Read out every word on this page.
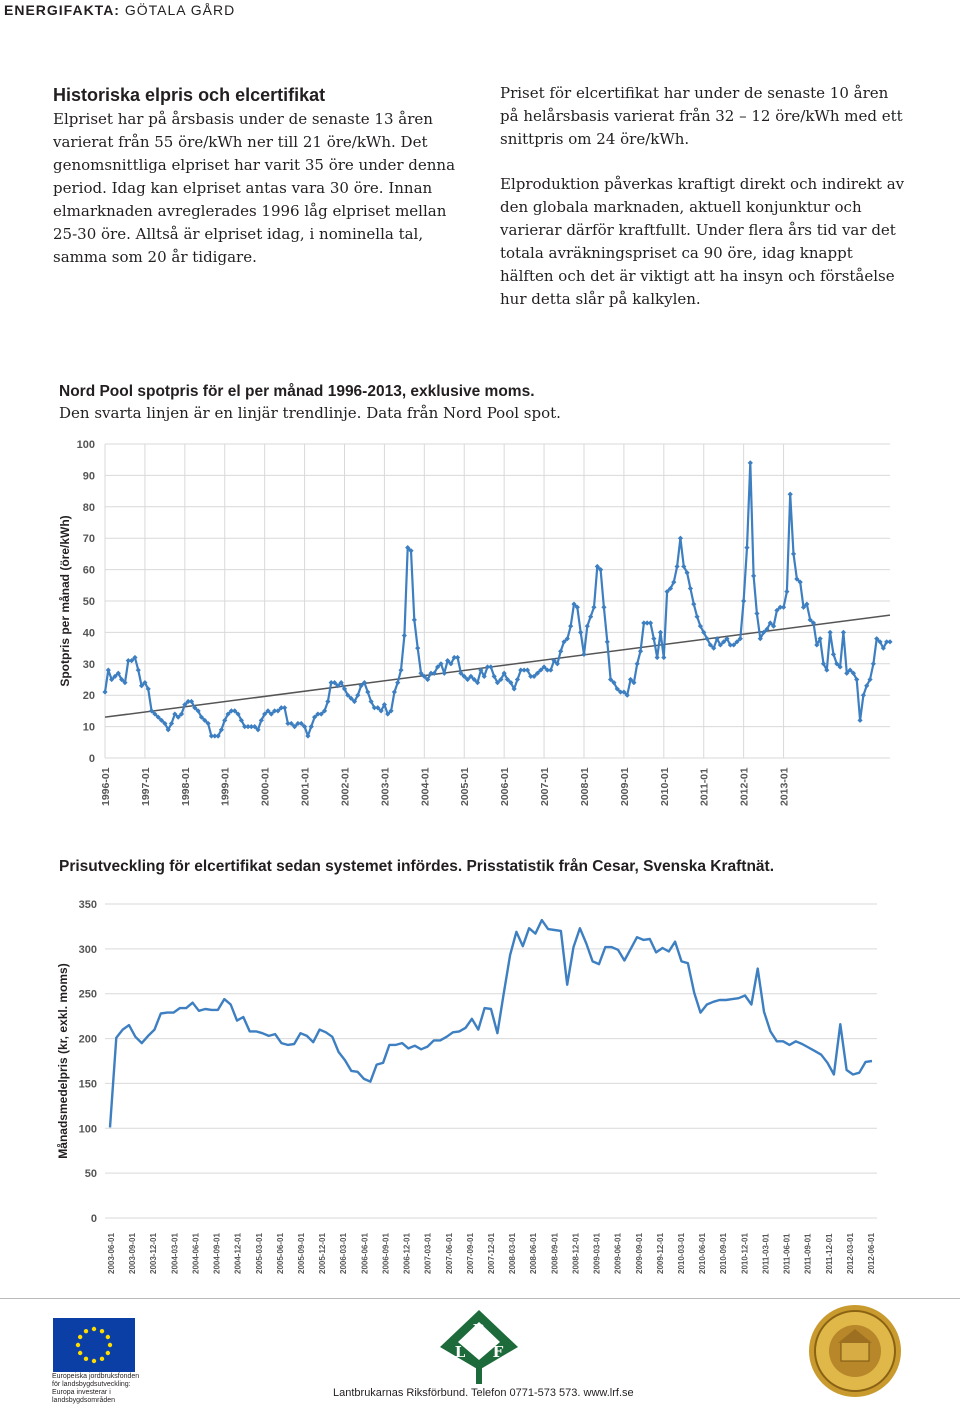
ENERGIFAKTA: GÖTALA GÅRD
Historiska elpris och elcertifikat

Elpriset har på årsbasis under de senaste 13 åren varierat från 55 öre/kWh ner till 21 öre/kWh. Det genomsnittliga elpriset har varit 35 öre under denna period. Idag kan elpriset antas vara 30 öre. Innan elmarknaden avreglerades 1996 låg elpriset mellan 25-30 öre. Alltså är elpriset idag, i nominella tal, samma som 20 år tidigare.

Priset för elcertifikat har under de senaste 10 åren på helårsbasis varierat från 32 – 12 öre/kWh med ett snittpris om 24 öre/kWh.

Elproduktion påverkas kraftigt direkt och indirekt av den globala marknaden, aktuell konjunktur och varierar därför kraftfullt. Under flera års tid var det totala avräkningspriset ca 90 öre, idag knappt hälften och det är viktigt att ha insyn och förståelse hur detta slår på kalkylen.

Nord Pool spotpris för el per månad 1996-2013, exklusive moms.
Den svarta linjen är en linjär trendlinje. Data från Nord Pool spot.
0
10
20
30
40
50
60
70
80
90
100
1996-01	1997-01	1998-01	1999-01	2000-01	2001-01	2002-01	2003-01	2004-01	2005-01	2006-01	2007-01	2008-01	2009-01	2010-01	2011-01	2012-01	2013-01
Spotpris per månad (öre/kWh)
Prisutveckling för elcertifikat sedan systemet infördes. Prisstatistik från Cesar, Svenska Kraftnät.
0
50
100
150
200
250
300
350
2003-06-01 2003-09-01 2003-12-01 2004-03-01 2004-06-01 2004-09-01 2004-12-01 2005-03-01 2005-06-01 2005-09-01 2005-12-01 2006-03-01 2006-06-01 2006-09-01 2006-12-01 2007-03-01 2007-06-01 2007-09-01 2007-12-01 2008-03-01 2008-06-01 2008-09-01 2008-12-01 2009-03-01 2009-06-01 2009-09-01 2009-12-01 2010-03-01 2010-06-01 2010-09-01 2010-12-01 2011-03-01 2011-06-01 2011-09-01 2011-12-01 2012-03-01 2012-06-01
Månadsmedelpris (kr, exkl. moms)
Europeiska jordbruksfonden för landsbygdsutveckling: Europa investerar i landsbygdsområden
R
L F
Lantbrukarnas Riksförbund. Telefon 0771-573 573. www.lrf.se
